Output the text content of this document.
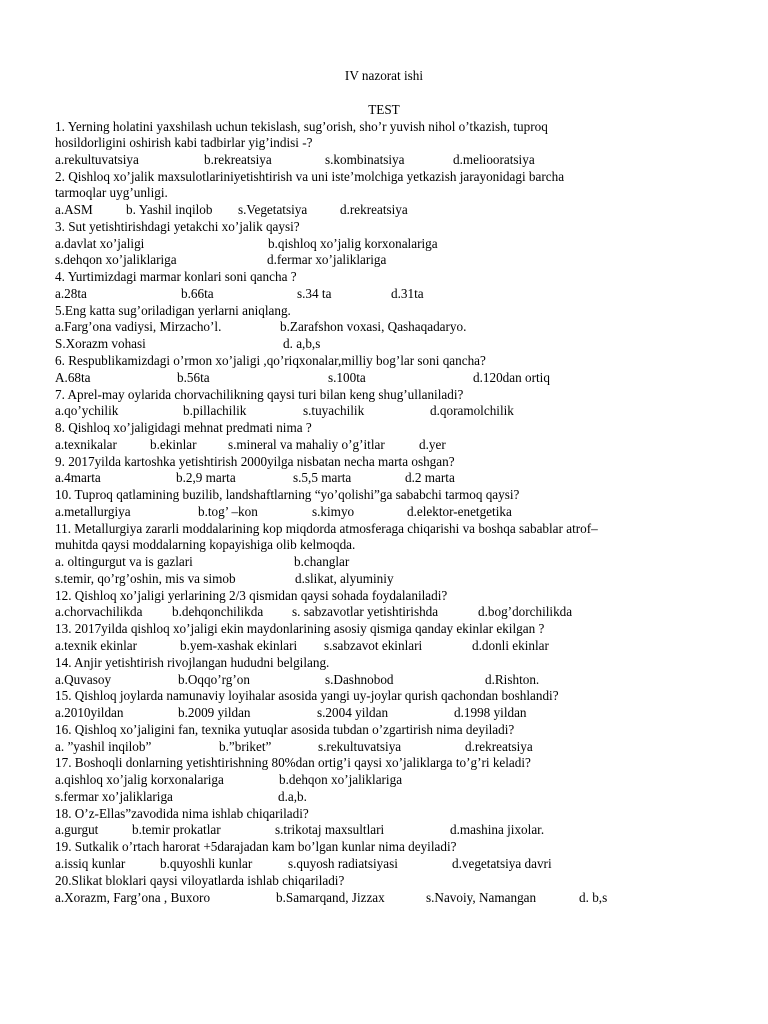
IV nazorat ishi
TEST
1. Yerning holatini yaxshilash uchun tekislash, sug’orish, sho’r yuvish nihol o’tkazish, tuproq
hosildorligini oshirish kabi tadbirlar yig’indisi -?
a.rekultuvatsiya	b.rekreatsiya	s.kombinatsiya	d.meliooratsiya
2. Qishloq xo’jalik maxsulotlariniyetishtirish va uni iste’molchiga yetkazish jarayonidagi barcha
tarmoqlar uyg’unligi.
a.ASM	b. Yashil inqilob s.Vegetatsiya d.rekreatsiya
3. Sut yetishtirishdagi yetakchi xo’jalik qaysi?
a.davlat xo’jaligi	b.qishloq xo’jalig korxonalariga
s.dehqon xo’jaliklariga	d.fermar xo’jaliklariga
4. Yurtimizdagi marmar konlari soni qancha ?
a.28ta	b.66ta	s.34 ta	d.31ta
5.Eng katta sug’oriladigan yerlarni aniqlang.
a.Farg’ona vadiysi, Mirzacho’l.	b.Zarafshon voxasi, Qashaqadaryo.
S.Xorazm vohasi	d. a,b,s
6. Respublikamizdagi o’rmon xo’jaligi ,qo’riqxonalar,milliy bog’lar soni qancha?
A.68ta	b.56ta	s.100ta	d.120dan ortiq
7. Aprel-may oylarida chorvachilikning qaysi turi bilan keng shug’ullaniladi?
a.qo’ychilik	b.pillachilik	s.tuyachilik	d.qoramolchilik
8. Qishloq xo’jaligidagi mehnat predmati nima ?
a.texnikalar	b.ekinlar s.mineral va mahaliy o’g’itlar	d.yer
9. 2017yilda kartoshka yetishtirish 2000yilga nisbatan necha marta oshgan?
a.4marta	b.2,9 marta	s.5,5 marta	d.2 marta
10. Tuproq qatlamining buzilib, landshaftlarning “yo’qolishi”ga sababchi tarmoq qaysi?
a.metallurgiya	b.tog’ –kon	s.kimyo	d.elektor-enetgetika
11. Metallurgiya zararli moddalarining kop miqdorda atmosferaga chiqarishi va boshqa sabablar atrof–
muhitda qaysi moddalarning kopayishiga olib kelmoqda.
a. oltingurgut va is gazlari	b.changlar
s.temir, qo’rg’oshin, mis va simob	d.slikat, alyuminiy
12. Qishloq xo’jaligi yerlarining 2/3 qismidan qaysi sohada foydalaniladi?
a.chorvachilikda b.dehqonchilikda s. sabzavotlar yetishtirishda	d.bog’dorchilikda
13. 2017yilda qishloq xo’jaligi ekin maydonlarining asosiy qismiga qanday ekinlar ekilgan ?
a.texnik ekinlar	b.yem-xashak ekinlari s.sabzavot ekinlari	d.donli ekinlar
14. Anjir yetishtirish rivojlangan hududni belgilang.
a.Quvasoy	b.Oqqo’rg’on	s.Dashnobod	d.Rishton.
15. Qishloq joylarda namunaviy loyihalar asosida yangi uy-joylar qurish qachondan boshlandi?
a.2010yildan	b.2009 yildan	s.2004 yildan	d.1998 yildan
16. Qishloq xo’jaligini fan, texnika yutuqlar asosida tubdan o’zgartirish nima deyiladi?
a. ”yashil inqilob”	b.”briket”	s.rekultuvatsiya	d.rekreatsiya
17. Boshoqli donlarning yetishtirishning 80%dan ortig’i qaysi xo’jaliklarga to’g’ri keladi?
a.qishloq xo’jalig korxonalariga	b.dehqon xo’jaliklariga
s.fermar xo’jaliklariga	d.a,b.
18. O’z-Ellas”zavodida nima ishlab chiqariladi?
a.gurgut	b.temir prokatlar	s.trikotaj maxsultlari	d.mashina jixolar.
19. Sutkalik o’rtach harorat +5darajadan kam bo’lgan kunlar nima deyiladi?
a.issiq kunlar	b.quyoshli kunlar	s.quyosh radiatsiyasi	d.vegetatsiya davri
20.Slikat bloklari qaysi viloyatlarda ishlab chiqariladi?
a.Xorazm, Farg’ona , Buxoro	b.Samarqand, Jizzax	s.Navoiy, Namangan	d. b,s
